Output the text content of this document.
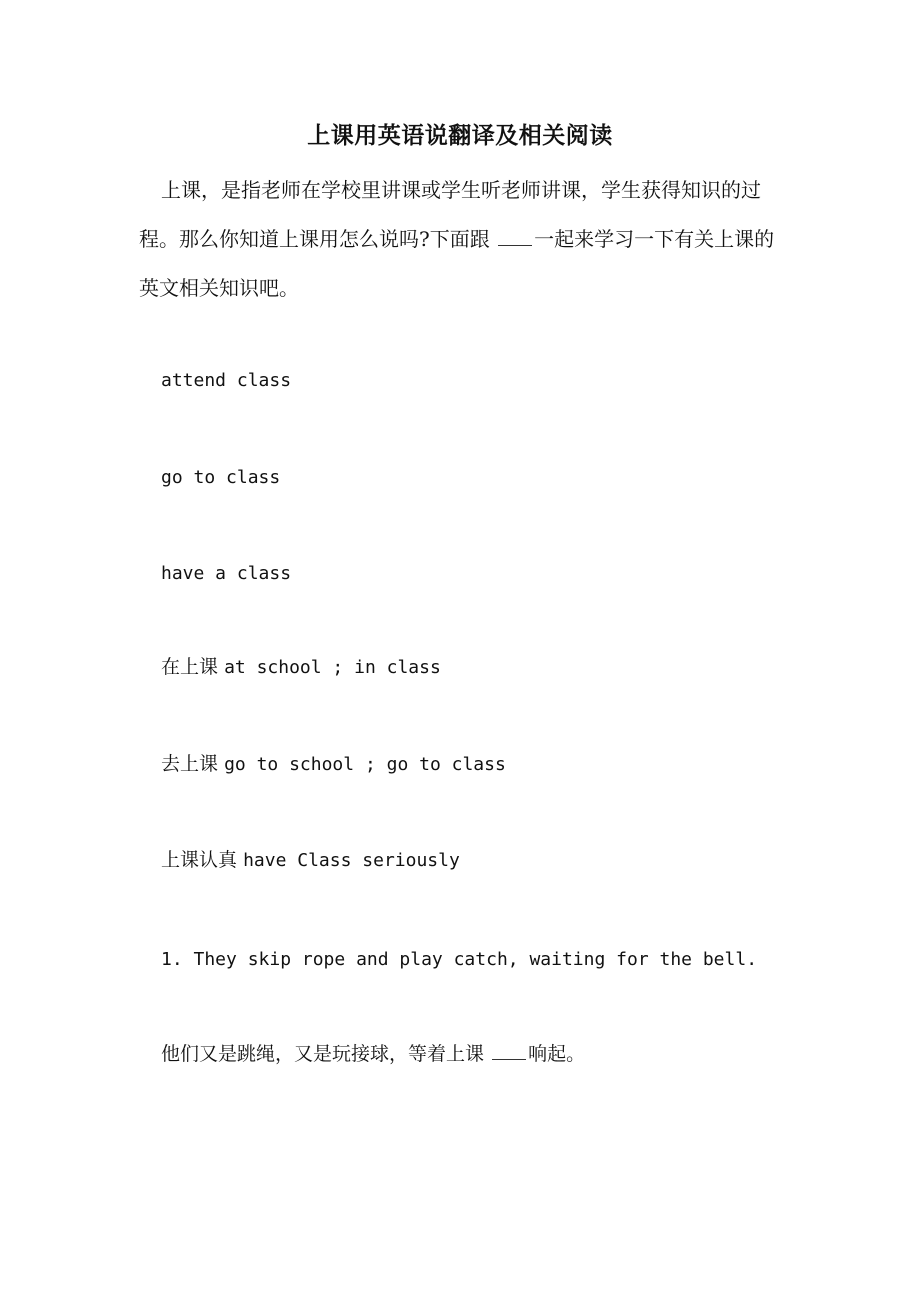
上课用英语说翻译及相关阅读

上课，是指老师在学校里讲课或学生听老师讲课，学生获得知识的过程。那么你知道上课用怎么说吗?下面跟 一起来学习一下有关上课的英文相关知识吧。

attend class

go to class

have a class

在上课 at school ; in class

去上课 go to school ; go to class

上课认真 have Class seriously

1. They skip rope and play catch, waiting for the bell.

他们又是跳绳，又是玩接球，等着上课 响起。
